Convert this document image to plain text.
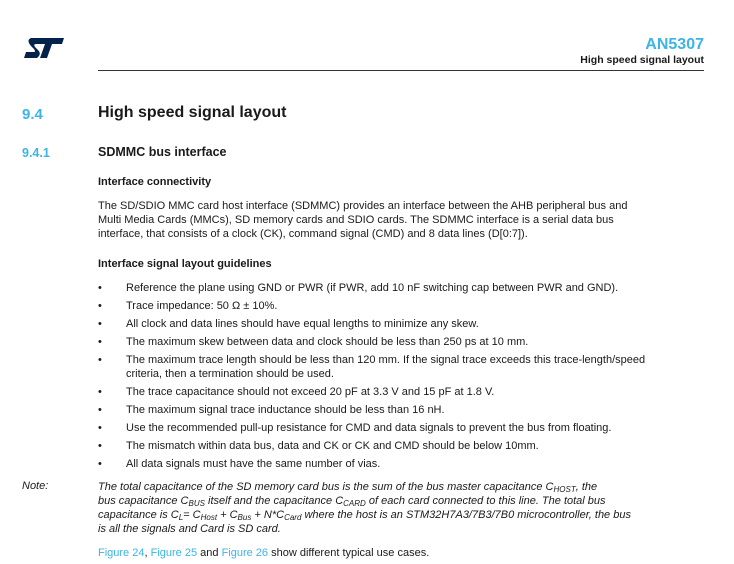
AN5307
High speed signal layout
9.4	High speed signal layout
9.4.1	SDMMC bus interface
Interface connectivity
The SD/SDIO MMC card host interface (SDMMC) provides an interface between the AHB peripheral bus and
Multi Media Cards (MMCs), SD memory cards and SDIO cards. The SDMMC interface is a serial data bus
interface, that consists of a clock (CK), command signal (CMD) and 8 data lines (D[0:7]).
Interface signal layout guidelines
• Reference the plane using GND or PWR (if PWR, add 10 nF switching cap between PWR and GND).
• Trace impedance: 50 Ω ± 10%.
• All clock and data lines should have equal lengths to minimize any skew.
• The maximum skew between data and clock should be less than 250 ps at 10 mm.
• The maximum trace length should be less than 120 mm. If the signal trace exceeds this trace-length/speed
criteria, then a termination should be used.
• The trace capacitance should not exceed 20 pF at 3.3 V and 15 pF at 1.8 V.
• The maximum signal trace inductance should be less than 16 nH.
• Use the recommended pull-up resistance for CMD and data signals to prevent the bus from floating.
• The mismatch within data bus, data and CK or CK and CMD should be below 10mm.
• All data signals must have the same number of vias.
Note:	The total capacitance of the SD memory card bus is the sum of the bus master capacitance $C_{HOST}$, the
bus capacitance $C_{BUS}$ itself and the capacitance $C_{CARD}$ of each card connected to this line. The total bus
capacitance is $C_L= C_{Host} + C_{Bus} + N*C_{Card}$ where the host is an STM32H7A3/7B3/7B0 microcontroller, the bus
is all the signals and Card is SD card.
Figure 24, Figure 25 and Figure 26 show different typical use cases.
